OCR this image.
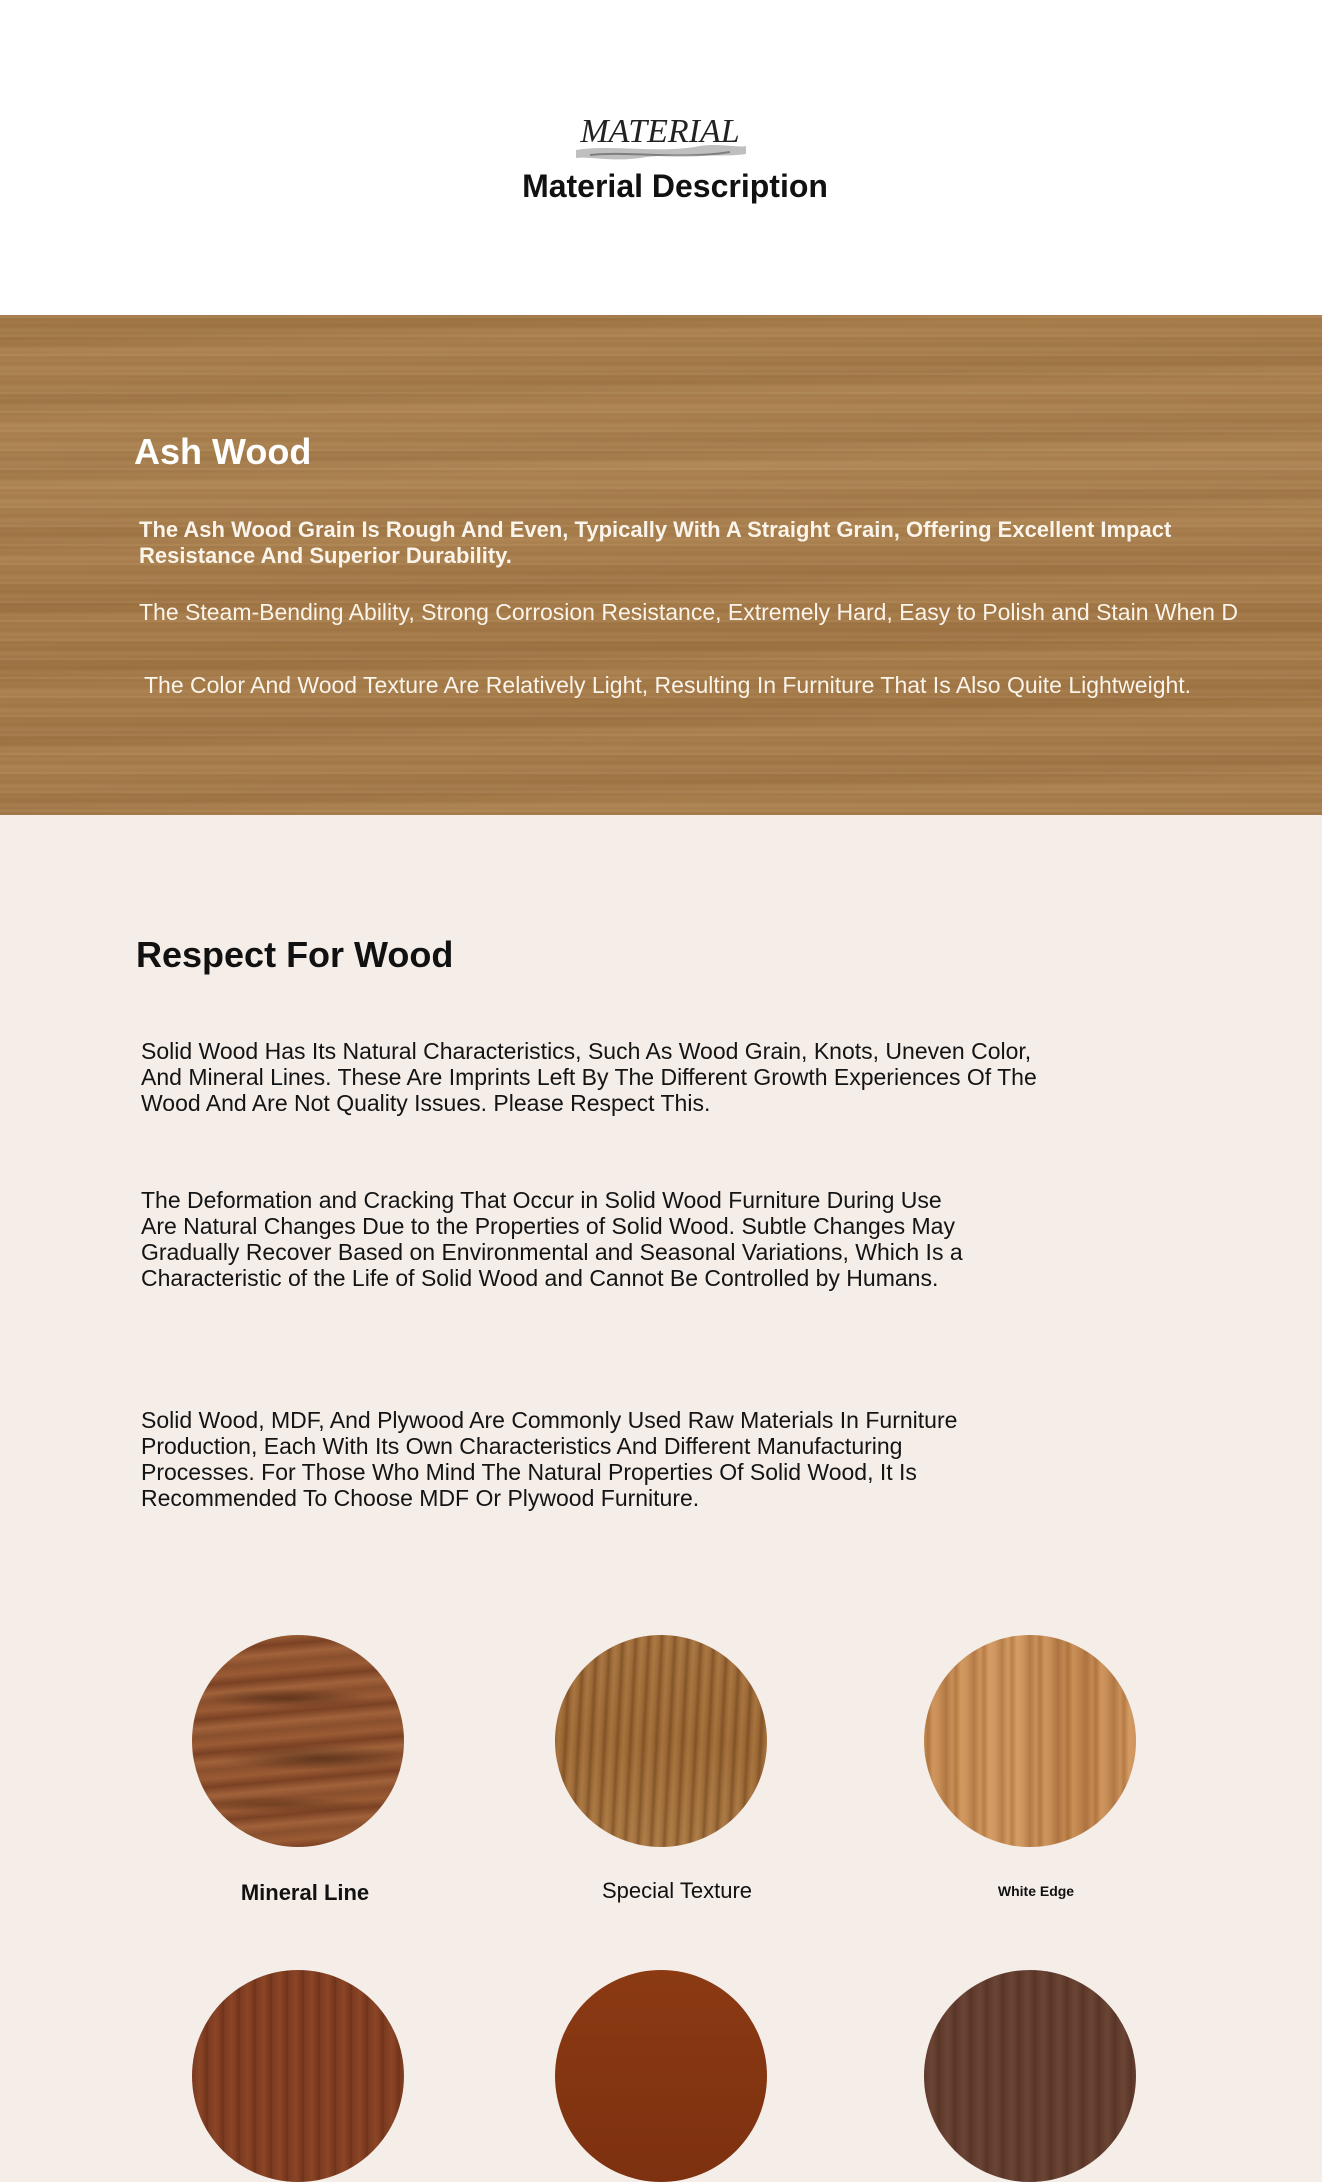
MATERIAL
Material Description
Ash Wood
The Ash Wood Grain Is Rough And Even, Typically With A Straight Grain, Offering Excellent Impact Resistance And Superior Durability.
The Steam-Bending Ability, Strong Corrosion Resistance, Extremely Hard, Easy to Polish and Stain When D
The Color And Wood Texture Are Relatively Light, Resulting In Furniture That Is Also Quite Lightweight.
Respect For Wood
Solid Wood Has Its Natural Characteristics, Such As Wood Grain, Knots, Uneven Color, And Mineral Lines. These Are Imprints Left By The Different Growth Experiences Of The Wood And Are Not Quality Issues. Please Respect This.
The Deformation and Cracking That Occur in Solid Wood Furniture During Use Are Natural Changes Due to the Properties of Solid Wood. Subtle Changes May Gradually Recover Based on Environmental and Seasonal Variations, Which Is a Characteristic of the Life of Solid Wood and Cannot Be Controlled by Humans.
Solid Wood, MDF, And Plywood Are Commonly Used Raw Materials In Furniture Production, Each With Its Own Characteristics And Different Manufacturing Processes. For Those Who Mind The Natural Properties Of Solid Wood, It Is Recommended To Choose MDF Or Plywood Furniture.
Mineral Line	Special Texture	White Edge
